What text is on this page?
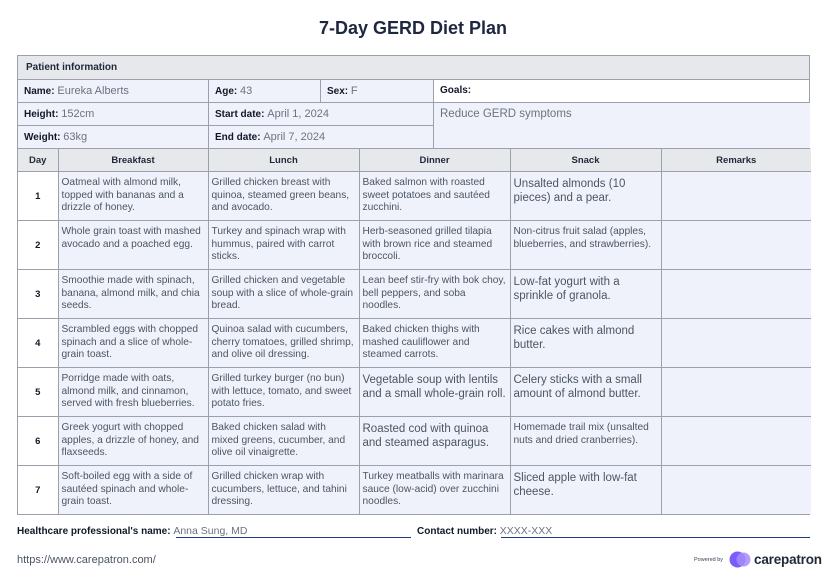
7-Day GERD Diet Plan
Patient information
Name: Eureka Alberts	Age: 43	Sex: F	Goals:
Height: 152cm	Start date: April 1, 2024	Reduce GERD symptoms
Weight: 63kg	End date: April 7, 2024
Day	Breakfast	Lunch	Dinner	Snack	Remarks
1	Oatmeal with almond milk, topped with bananas and a drizzle of honey.	Grilled chicken breast with quinoa, steamed green beans, and avocado.	Baked salmon with roasted sweet potatoes and sautéed zucchini.	Unsalted almonds (10 pieces) and a pear.	
2	Whole grain toast with mashed avocado and a poached egg.	Turkey and spinach wrap with hummus, paired with carrot sticks.	Herb-seasoned grilled tilapia with brown rice and steamed broccoli.	Non-citrus fruit salad (apples, blueberries, and strawberries).	
3	Smoothie made with spinach, banana, almond milk, and chia seeds.	Grilled chicken and vegetable soup with a slice of whole-grain bread.	Lean beef stir-fry with bok choy, bell peppers, and soba noodles.	Low-fat yogurt with a sprinkle of granola.	
4	Scrambled eggs with chopped spinach and a slice of whole-grain toast.	Quinoa salad with cucumbers, cherry tomatoes, grilled shrimp, and olive oil dressing.	Baked chicken thighs with mashed cauliflower and steamed carrots.	Rice cakes with almond butter.	
5	Porridge made with oats, almond milk, and cinnamon, served with fresh blueberries.	Grilled turkey burger (no bun) with lettuce, tomato, and sweet potato fries.	Vegetable soup with lentils and a small whole-grain roll.	Celery sticks with a small amount of almond butter.	
6	Greek yogurt with chopped apples, a drizzle of honey, and flaxseeds.	Baked chicken salad with mixed greens, cucumber, and olive oil vinaigrette.	Roasted cod with quinoa and steamed asparagus.	Homemade trail mix (unsalted nuts and dried cranberries).	
7	Soft-boiled egg with a side of sautéed spinach and whole-grain toast.	Grilled chicken wrap with cucumbers, lettuce, and tahini dressing.	Turkey meatballs with marinara sauce (low-acid) over zucchini noodles.	Sliced apple with low-fat cheese.	
Healthcare professional's name: Anna Sung, MD	Contact number: XXXX-XXX
https://www.carepatron.com/	Powered by carepatron
